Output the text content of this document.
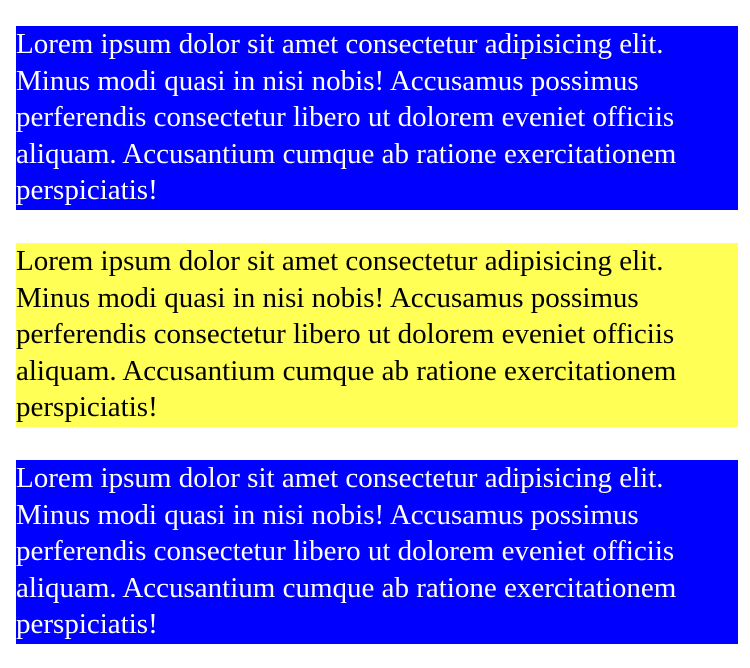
Lorem ipsum dolor sit amet consectetur adipisicing elit. Minus modi quasi in nisi nobis! Accusamus possimus perferendis consectetur libero ut dolorem eveniet officiis aliquam. Accusantium cumque ab ratione exercitationem perspiciatis!

Lorem ipsum dolor sit amet consectetur adipisicing elit. Minus modi quasi in nisi nobis! Accusamus possimus perferendis consectetur libero ut dolorem eveniet officiis aliquam. Accusantium cumque ab ratione exercitationem perspiciatis!

Lorem ipsum dolor sit amet consectetur adipisicing elit. Minus modi quasi in nisi nobis! Accusamus possimus perferendis consectetur libero ut dolorem eveniet officiis aliquam. Accusantium cumque ab ratione exercitationem perspiciatis!
